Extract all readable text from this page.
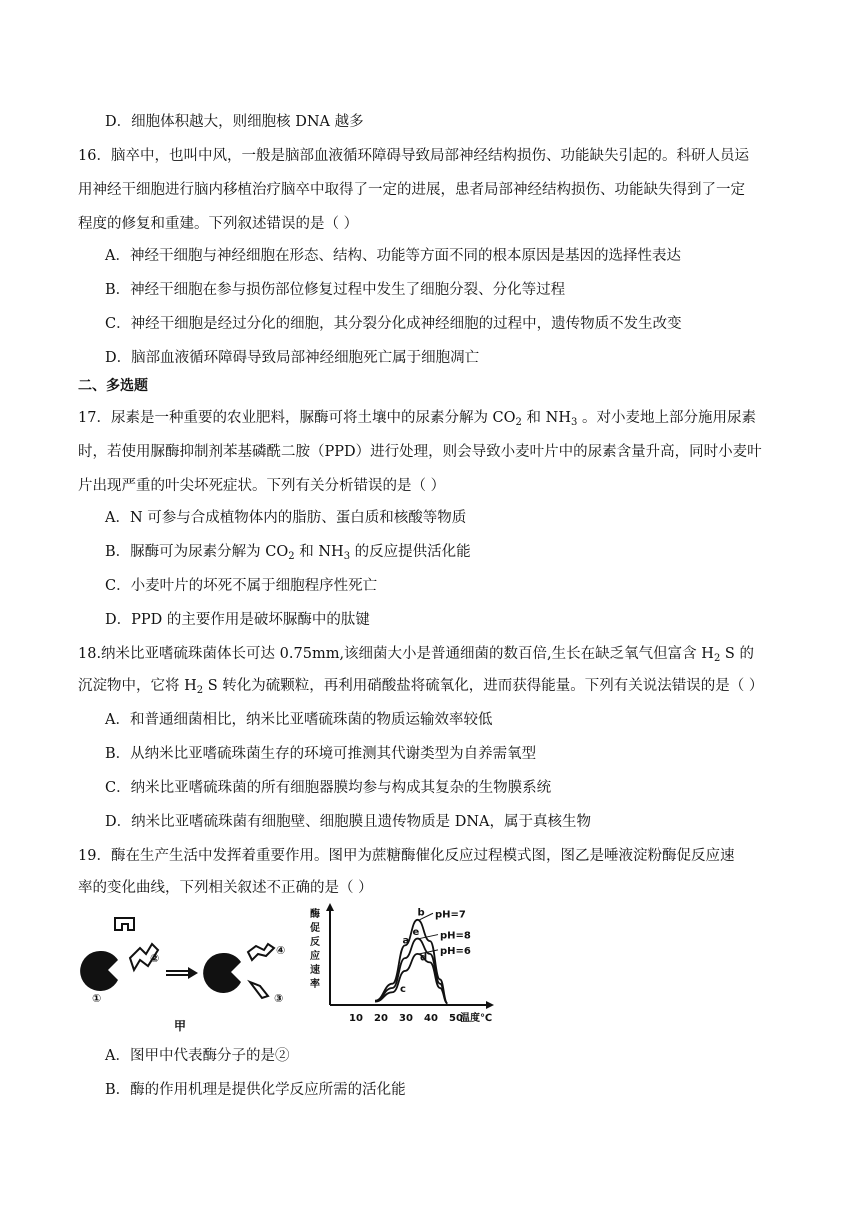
D．细胞体积越大，则细胞核 DNA 越多
16．脑卒中，也叫中风，一般是脑部血液循环障碍导致局部神经结构损伤、功能缺失引起的。科研人员运
用神经干细胞进行脑内移植治疗脑卒中取得了一定的进展，患者局部神经结构损伤、功能缺失得到了一定
程度的修复和重建。下列叙述错误的是（ ）
A．神经干细胞与神经细胞在形态、结构、功能等方面不同的根本原因是基因的选择性表达
B．神经干细胞在参与损伤部位修复过程中发生了细胞分裂、分化等过程
C．神经干细胞是经过分化的细胞，其分裂分化成神经细胞的过程中，遗传物质不发生改变
D．脑部血液循环障碍导致局部神经细胞死亡属于细胞凋亡
二、多选题
17．尿素是一种重要的农业肥料，脲酶可将土壤中的尿素分解为 $CO_2$ 和 $NH_3$ 。对小麦地上部分施用尿素
时，若使用脲酶抑制剂苯基磷酰二胺（PPD）进行处理，则会导致小麦叶片中的尿素含量升高，同时小麦叶
片出现严重的叶尖坏死症状。下列有关分析错误的是（ ）
A．N 可参与合成植物体内的脂肪、蛋白质和核酸等物质
B．脲酶可为尿素分解为 $CO_2$ 和 $NH_3$ 的反应提供活化能
C．小麦叶片的坏死不属于细胞程序性死亡
D．PPD 的主要作用是破坏脲酶中的肽键
18.纳米比亚嗜硫珠菌体长可达 0.75mm,该细菌大小是普通细菌的数百倍,生长在缺乏氧气但富含 $H_2$ S 的
沉淀物中，它将 $H_2$ S 转化为硫颗粒，再利用硝酸盐将硫氧化，进而获得能量。下列有关说法错误的是（ ）
A．和普通细菌相比，纳米比亚嗜硫珠菌的物质运输效率较低
B．从纳米比亚嗜硫珠菌生存的环境可推测其代谢类型为自养需氧型
C．纳米比亚嗜硫珠菌的所有细胞器膜均参与构成其复杂的生物膜系统
D．纳米比亚嗜硫珠菌有细胞壁、细胞膜且遗传物质是 DNA，属于真核生物
19．酶在生产生活中发挥着重要作用。图甲为蔗糖酶催化反应过程模式图，图乙是唾液淀粉酶促反应速
率的变化曲线，下列相关叙述不正确的是（ ）
①
②
④
③
甲
酶
促
反
应
速
率
10 20 30 40 50
温度℃
pH=7
pH=8
pH=6
a
b
c
d
e
A．图甲中代表酶分子的是②
B．酶的作用机理是提供化学反应所需的活化能
